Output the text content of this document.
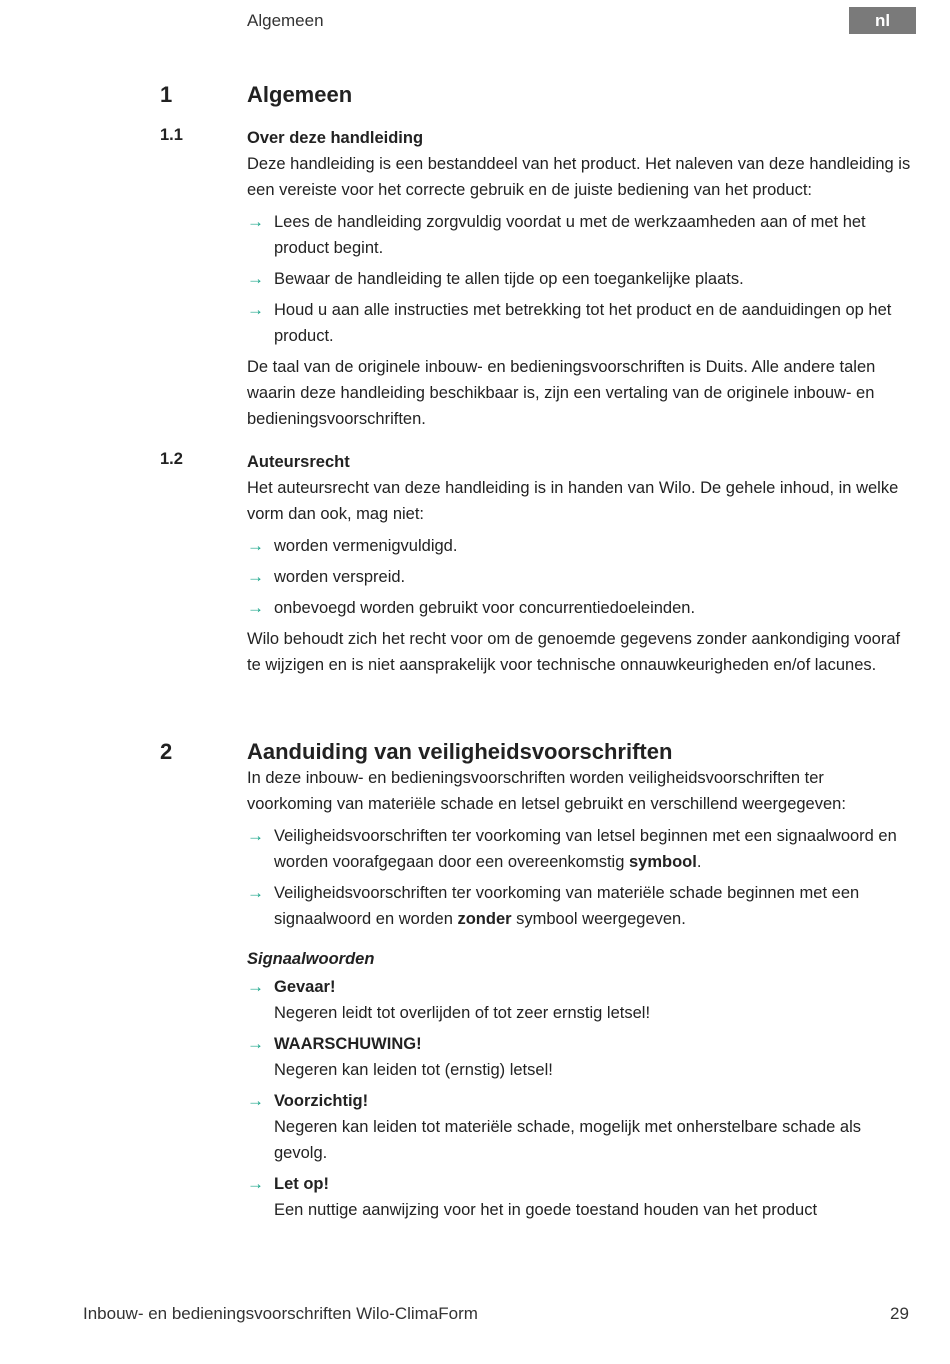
Algemeen	nl
1	Algemeen
1.1	Over deze handleiding

Deze handleiding is een bestanddeel van het product. Het naleven van deze handleiding is een vereiste voor het correcte gebruik en de juiste bediening van het product:

→ Lees de handleiding zorgvuldig voordat u met de werkzaamheden aan of met het product begint.
→ Bewaar de handleiding te allen tijde op een toegankelijke plaats.
→ Houd u aan alle instructies met betrekking tot het product en de aanduidingen op het product.

De taal van de originele inbouw- en bedieningsvoorschriften is Duits. Alle andere talen waarin deze handleiding beschikbaar is, zijn een vertaling van de originele inbouw- en bedieningsvoorschriften.

1.2	Auteursrecht

Het auteursrecht van deze handleiding is in handen van Wilo. De gehele inhoud, in welke vorm dan ook, mag niet:

→ worden vermenigvuldigd.
→ worden verspreid.
→ onbevoegd worden gebruikt voor concurrentiedoeleinden.

Wilo behoudt zich het recht voor om de genoemde gegevens zonder aankondiging vooraf te wijzigen en is niet aansprakelijk voor technische onnauwkeurigheden en/of lacunes.

2	Aanduiding van veiligheidsvoorschriften

In deze inbouw- en bedieningsvoorschriften worden veiligheidsvoorschriften ter voorkoming van materiële schade en letsel gebruikt en verschillend weergegeven:

→ Veiligheidsvoorschriften ter voorkoming van letsel beginnen met een signaalwoord en worden voorafgegaan door een overeenkomstig symbool.
→ Veiligheidsvoorschriften ter voorkoming van materiële schade beginnen met een signaalwoord en worden zonder symbool weergegeven.
Signaalwoorden
→ Gevaar!
Negeren leidt tot overlijden of tot zeer ernstig letsel!
→ WAARSCHUWING!
Negeren kan leiden tot (ernstig) letsel!
→ Voorzichtig!
Negeren kan leiden tot materiële schade, mogelijk met onherstelbare schade als gevolg.
→ Let op!
Een nuttige aanwijzing voor het in goede toestand houden van het product
Inbouw- en bedieningsvoorschriften Wilo-ClimaForm	29
